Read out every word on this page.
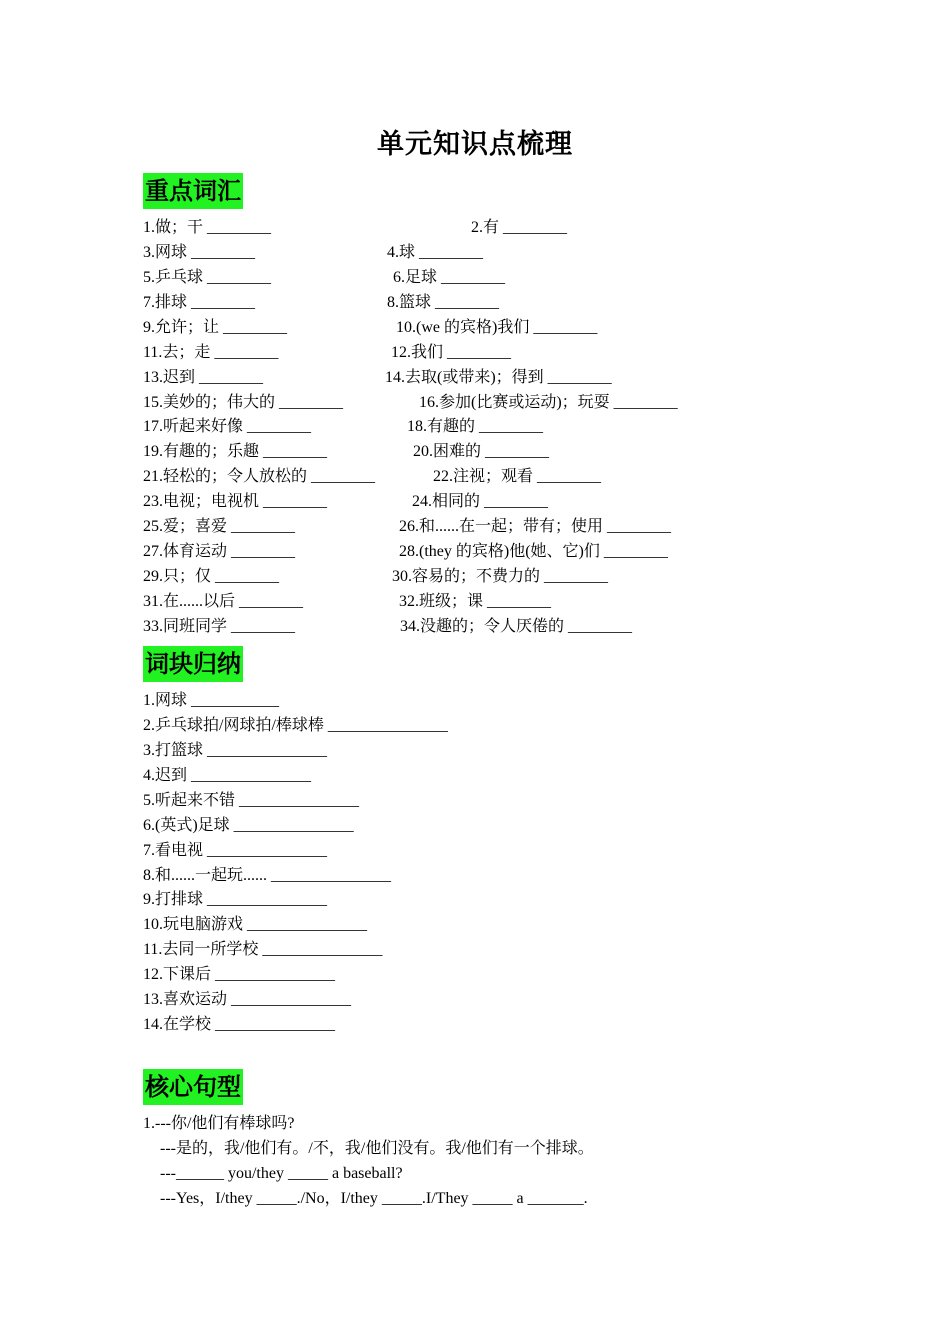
单元知识点梳理
重点词汇
1.做；干 ________	2.有 ________
3.网球 ________	4.球 ________
5.乒乓球 ________	6.足球 ________
7.排球 ________	8.篮球 ________
9.允许；让 ________	10.(we 的宾格)我们 ________
11.去；走 ________	12.我们 ________
13.迟到 ________	14.去取(或带来)；得到 ________
15.美妙的；伟大的 ________	16.参加(比赛或运动)；玩耍 ________
17.听起来好像 ________	18.有趣的 ________
19.有趣的；乐趣 ________	20.困难的 ________
21.轻松的；令人放松的 ________	22.注视；观看 ________
23.电视；电视机 ________	24.相同的 ________
25.爱；喜爱 ________	26.和......在一起；带有；使用 ________
27.体育运动 ________	28.(they 的宾格)他(她、它)们 ________
29.只；仅 ________	30.容易的；不费力的 ________
31.在......以后 ________	32.班级；课 ________
33.同班同学 ________	34.没趣的；令人厌倦的 ________
词块归纳
1.网球 ___________
2.乒乓球拍/网球拍/棒球棒 _______________
3.打篮球 _______________
4.迟到 _______________
5.听起来不错 _______________
6.(英式)足球 _______________
7.看电视 _______________
8.和......一起玩...... _______________
9.打排球 _______________
10.玩电脑游戏 _______________
11.去同一所学校 _______________
12.下课后 _______________
13.喜欢运动 _______________
14.在学校 _______________
核心句型
1.---你/他们有棒球吗?
---是的，我/他们有。/不，我/他们没有。我/他们有一个排球。
---______ you/they _____ a baseball?
---Yes，I/they _____./No，I/they _____.I/They _____ a _______.
